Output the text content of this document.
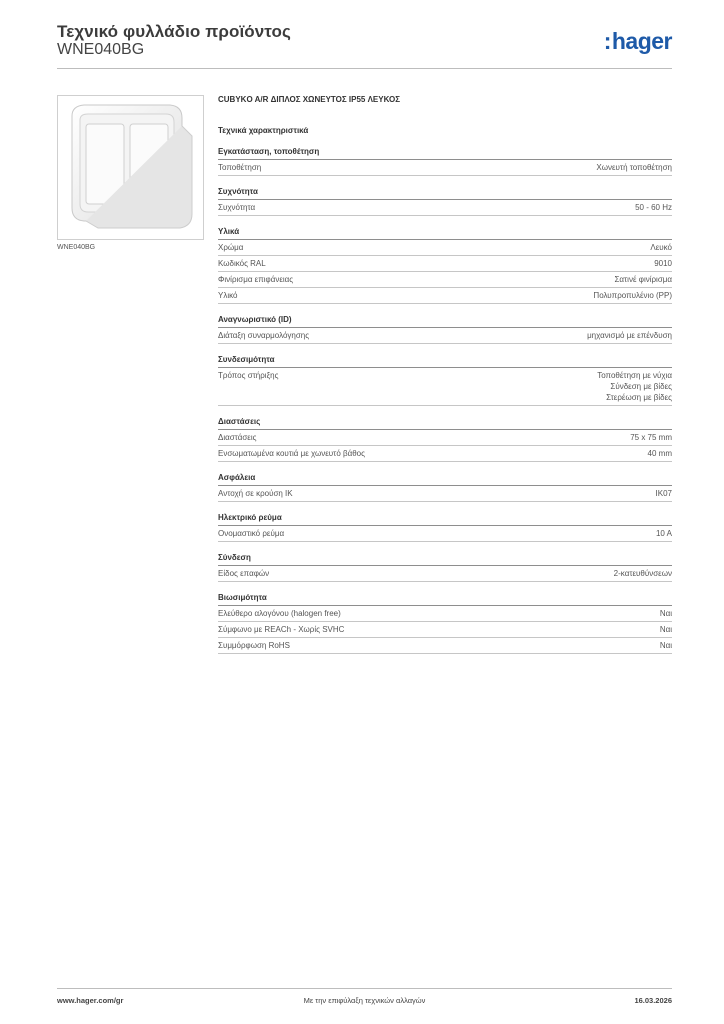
Τεχνικό φυλλάδιο προϊόντος
WNE040BG	:hager
WNE040BG
CUBYKO A/R ΔΙΠΛΟΣ ΧΩΝΕΥΤΟΣ IP55 ΛΕΥΚΟΣ
Τεχνικά χαρακτηριστικά
Εγκατάσταση, τοποθέτηση
Τοποθέτηση	Χωνευτή τοποθέτηση
Συχνότητα
Συχνότητα	50 - 60 Hz
Υλικά
Χρώμα	Λευκό
Κωδικός RAL	9010
Φινίρισμα επιφάνειας	Σατινέ φινίρισμα
Υλικό	Πολυπροπυλένιο (PP)
Αναγνωριστικό (ID)
Διάταξη συναρμολόγησης	μηχανισμό με επένδυση
Συνδεσιμότητα
Τρόπος στήριξης	Τοποθέτηση με νύχια
Σύνδεση με βίδες
Στερέωση με βίδες
Διαστάσεις
Διαστάσεις	75 x 75 mm
Ενσωματωμένα κουτιά με χωνευτό βάθος	40 mm
Ασφάλεια
Αντοχή σε κρούση IK	IK07
Ηλεκτρικό ρεύμα
Ονομαστικό ρεύμα	10 A
Σύνδεση
Είδος επαφών	2-κατευθύνσεων
Βιωσιμότητα
Ελεύθερο αλογόνου (halogen free)	Ναι
Σύμφωνο με REACh - Χωρίς SVHC	Ναι
Συμμόρφωση RoHS	Ναι
www.hager.com/gr	Με την επιφύλαξη τεχνικών αλλαγών	16.03.2026
